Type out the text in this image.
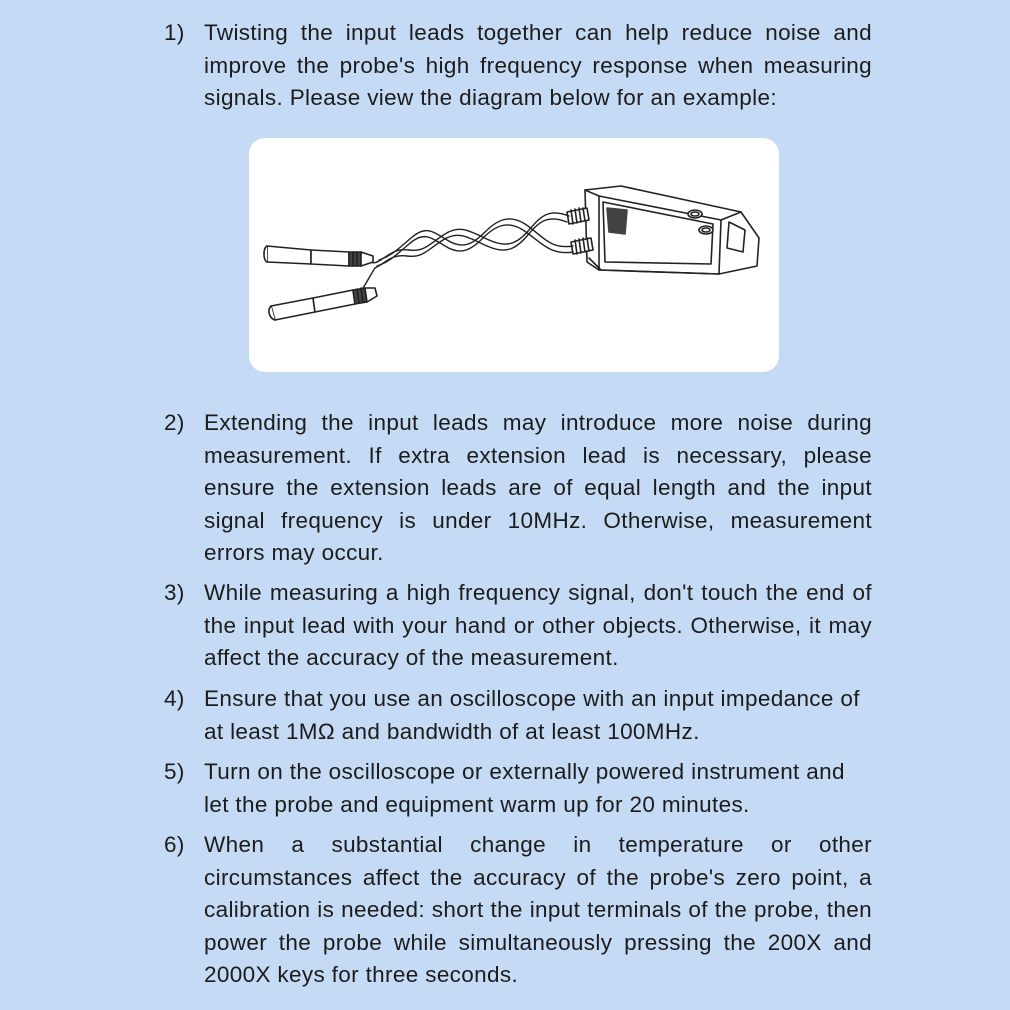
1) Twisting the input leads together can help reduce noise and improve the probe's high frequency response when measuring signals. Please view the diagram below for an example:
2) Extending the input leads may introduce more noise during measurement. If extra extension lead is necessary, please ensure the extension leads are of equal length and the input signal frequency is under 10MHz. Otherwise, measurement errors may occur.
3) While measuring a high frequency signal, don't touch the end of the input lead with your hand or other objects. Otherwise, it may affect the accuracy of the measurement.
4) Ensure that you use an oscilloscope with an input impedance of at least 1MΩ and bandwidth of at least 100MHz.
5) Turn on the oscilloscope or externally powered instrument and let the probe and equipment warm up for 20 minutes.
6) When a substantial change in temperature or other circumstances affect the accuracy of the probe's zero point, a calibration is needed: short the input terminals of the probe, then power the probe while simultaneously pressing the 200X and 2000X keys for three seconds.
